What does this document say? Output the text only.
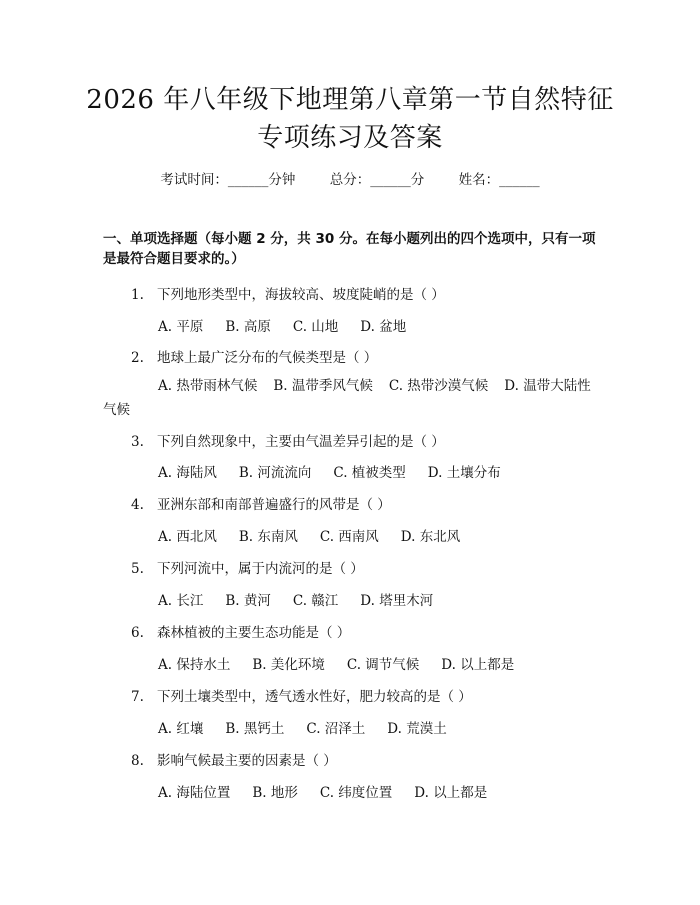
2026 年八年级下地理第八章第一节自然特征
专项练习及答案
考试时间：______分钟	总分：______分	姓名：______
一、单项选择题（每小题 2 分，共 30 分。在每小题列出的四个选项中，只有一项是最符合题目要求的。）
1. 下列地形类型中，海拔较高、坡度陡峭的是（ ）
A. 平原 B. 高原 C. 山地 D. 盆地
2. 地球上最广泛分布的气候类型是（ ）
A. 热带雨林气候 B. 温带季风气候 C. 热带沙漠气候 D. 温带大陆性气候
3. 下列自然现象中，主要由气温差异引起的是（ ）
A. 海陆风 B. 河流流向 C. 植被类型 D. 土壤分布
4. 亚洲东部和南部普遍盛行的风带是（ ）
A. 西北风 B. 东南风 C. 西南风 D. 东北风
5. 下列河流中，属于内流河的是（ ）
A. 长江 B. 黄河 C. 赣江 D. 塔里木河
6. 森林植被的主要生态功能是（ ）
A. 保持水土 B. 美化环境 C. 调节气候 D. 以上都是
7. 下列土壤类型中，透气透水性好，肥力较高的是（ ）
A. 红壤 B. 黑钙土 C. 沼泽土 D. 荒漠土
8. 影响气候最主要的因素是（ ）
A. 海陆位置 B. 地形 C. 纬度位置 D. 以上都是
